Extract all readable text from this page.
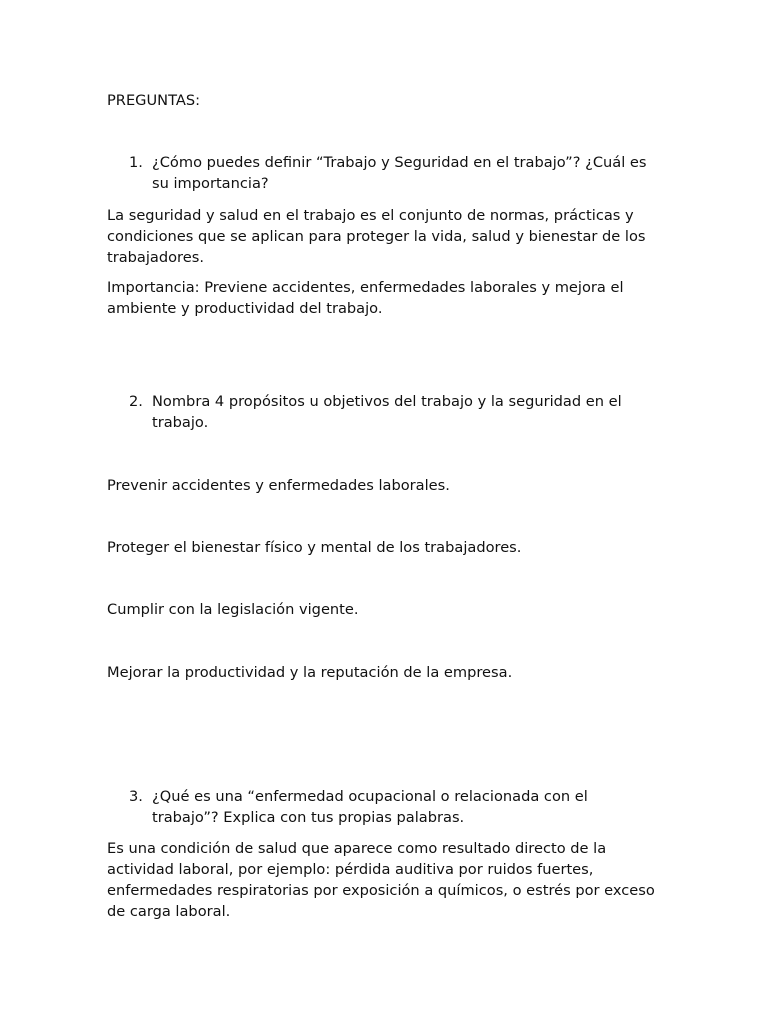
PREGUNTAS:

1. ¿Cómo puedes definir “Trabajo y Seguridad en el trabajo”? ¿Cuál es su importancia?

La seguridad y salud en el trabajo es el conjunto de normas, prácticas y condiciones que se aplican para proteger la vida, salud y bienestar de los trabajadores.

Importancia: Previene accidentes, enfermedades laborales y mejora el ambiente y productividad del trabajo.

2. Nombra 4 propósitos u objetivos del trabajo y la seguridad en el trabajo.

Prevenir accidentes y enfermedades laborales.

Proteger el bienestar físico y mental de los trabajadores.

Cumplir con la legislación vigente.

Mejorar la productividad y la reputación de la empresa.

3. ¿Qué es una “enfermedad ocupacional o relacionada con el trabajo”? Explica con tus propias palabras.

Es una condición de salud que aparece como resultado directo de la actividad laboral, por ejemplo: pérdida auditiva por ruidos fuertes, enfermedades respiratorias por exposición a químicos, o estrés por exceso de carga laboral.
